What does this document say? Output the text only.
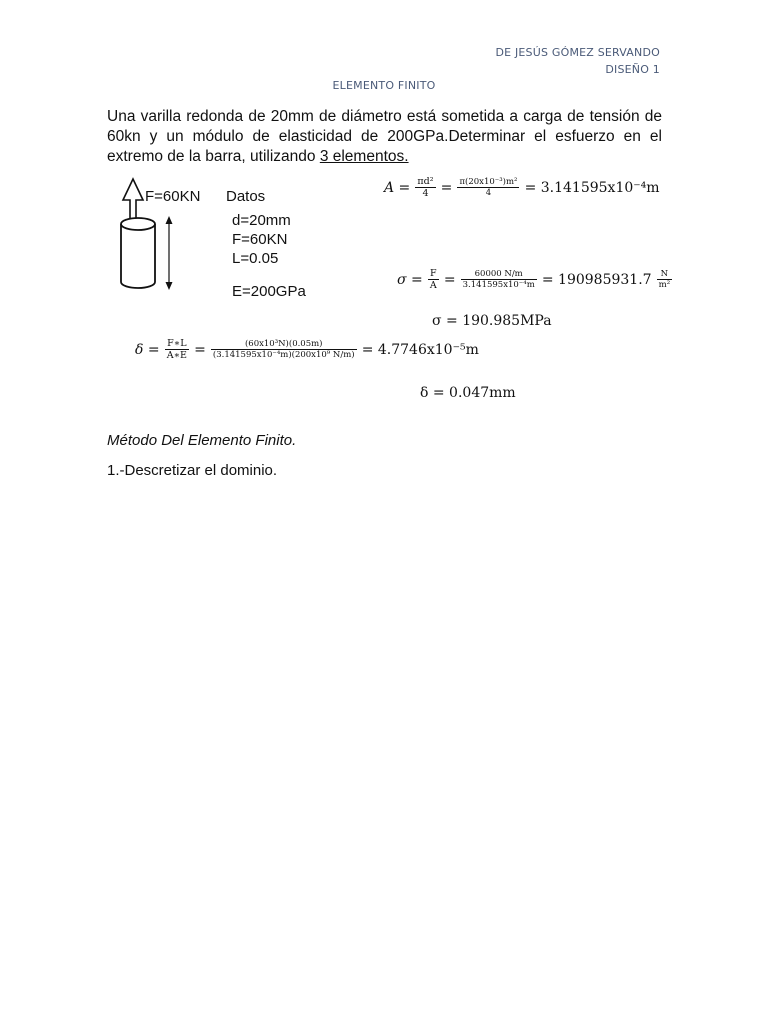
DE JESÚS GÓMEZ SERVANDO
DISEÑO 1
ELEMENTO FINITO

Una varilla redonda de 20mm de diámetro está sometida a carga de tensión de 60kn y un módulo de elasticidad de 200GPa.Determinar el esfuerzo en el extremo de la barra, utilizando 3 elementos.

F=60KN Datos
d=20mm
F=60KN
L=0.05
E=200GPa
$A = \frac{\text{πd²}}{4} = \frac{\text{π(20x10⁻³)m²}}{4} = 3.141595x10^{-4}m$
$\sigma = \frac{F}{A} = \frac{60000 N/m}{\text{3.141595x10⁻⁴m}} = 190985931.7 \frac{N}{\text{m²}}$
σ = 190.985MPa
$\delta = \frac{F∗L}{A∗E} = \frac{\text{(60x10³N)(0.05m)}}{\text{(3.141595x10⁻⁴m)(200x10⁹ N/m)}} = 4.7746x10^{-5}m$
δ = 0.047mm
Método Del Elemento Finito.
1.-Descretizar el dominio.
